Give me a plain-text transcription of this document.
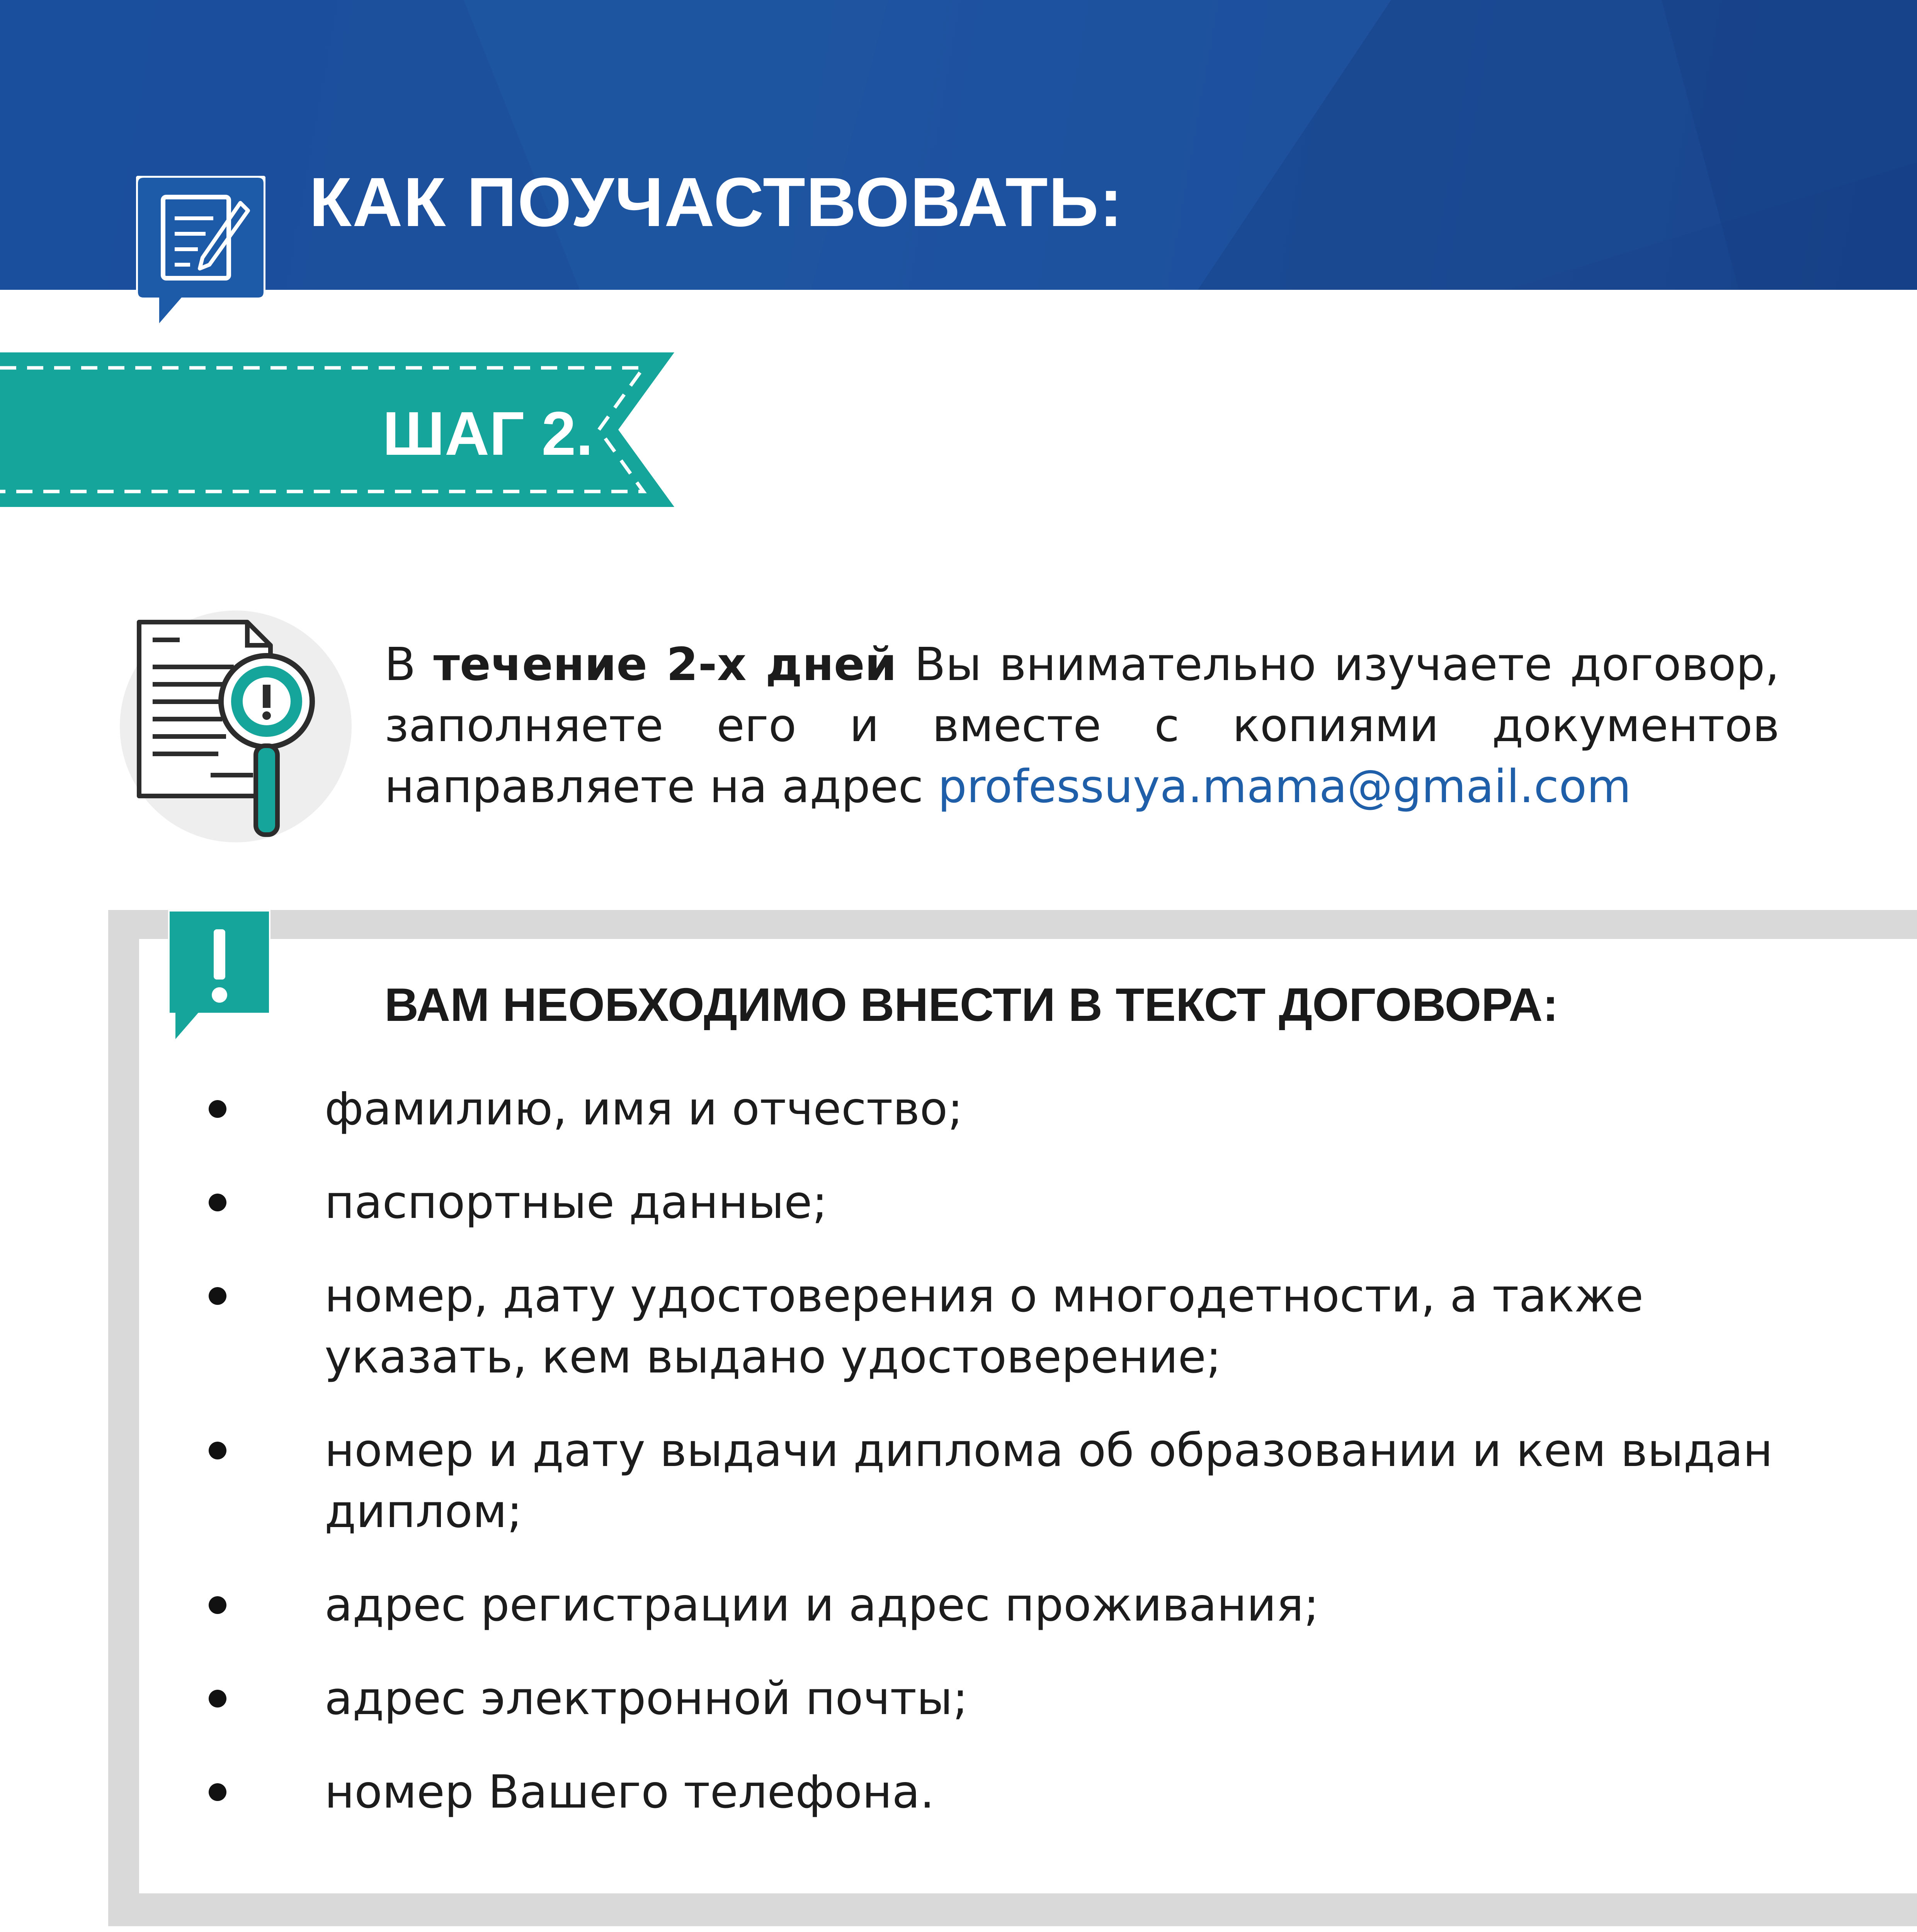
КАК ПОУЧАСТВОВАТЬ:
ШАГ 2.
В течение 2-х дней Вы внимательно изучаете договор, заполняете его и вместе с копиями документов направляете на адрес professuya.mama@gmail.com
ВАМ НЕОБХОДИМО ВНЕСТИ В ТЕКСТ ДОГОВОРА:
фамилию, имя и отчество;
паспортные данные;
номер, дату удостоверения о многодетности, а также указать, кем выдано удостоверение;
номер и дату выдачи диплома об образовании и кем выдан диплом;
адрес регистрации и адрес проживания;
адрес электронной почты;
номер Вашего телефона.
